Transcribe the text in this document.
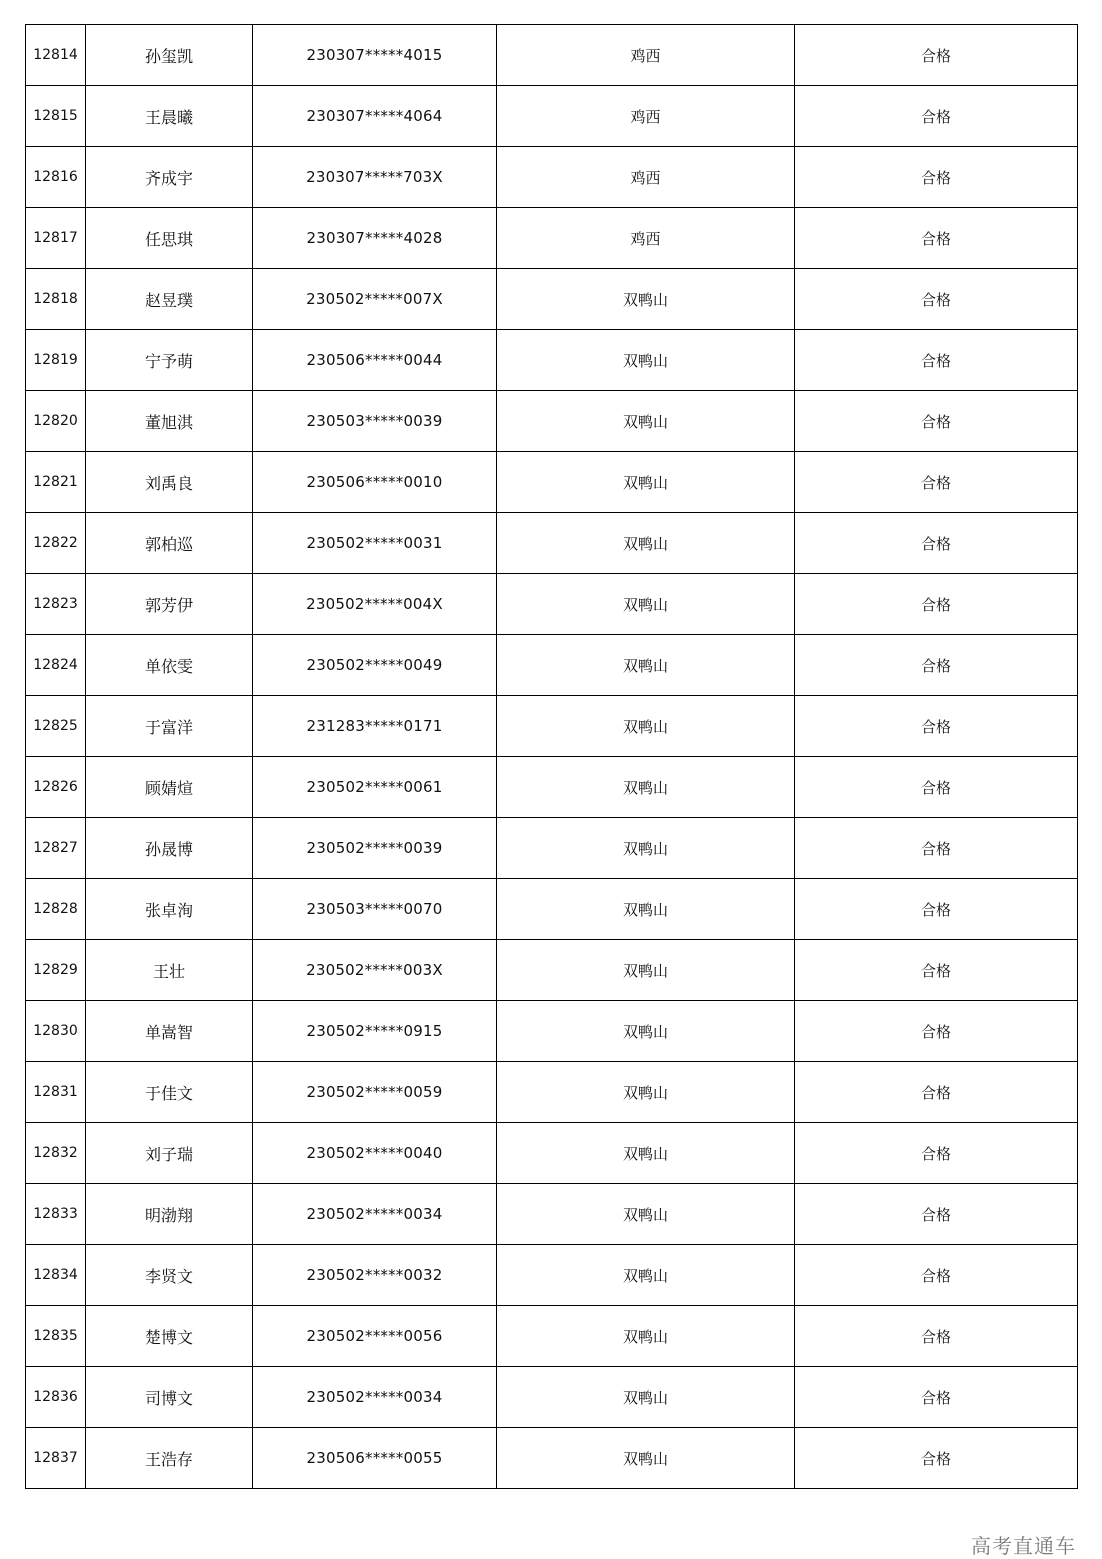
12814	孙玺凯	230307*****4015	鸡西	合格
12815	王晨曦	230307*****4064	鸡西	合格
12816	齐成宇	230307*****703X	鸡西	合格
12817	任思琪	230307*****4028	鸡西	合格
12818	赵昱璞	230502*****007X	双鸭山	合格
12819	宁予萌	230506*****0044	双鸭山	合格
12820	董旭淇	230503*****0039	双鸭山	合格
12821	刘禹良	230506*****0010	双鸭山	合格
12822	郭柏巡	230502*****0031	双鸭山	合格
12823	郭芳伊	230502*****004X	双鸭山	合格
12824	单依雯	230502*****0049	双鸭山	合格
12825	于富洋	231283*****0171	双鸭山	合格
12826	顾婧煊	230502*****0061	双鸭山	合格
12827	孙晟博	230502*****0039	双鸭山	合格
12828	张卓洵	230503*****0070	双鸭山	合格
12829	王壮	230502*****003X	双鸭山	合格
12830	单嵩智	230502*****0915	双鸭山	合格
12831	于佳文	230502*****0059	双鸭山	合格
12832	刘子瑞	230502*****0040	双鸭山	合格
12833	明渤翔	230502*****0034	双鸭山	合格
12834	李贤文	230502*****0032	双鸭山	合格
12835	楚博文	230502*****0056	双鸭山	合格
12836	司博文	230502*****0034	双鸭山	合格
12837	王浩存	230506*****0055	双鸭山	合格
高考直通车
